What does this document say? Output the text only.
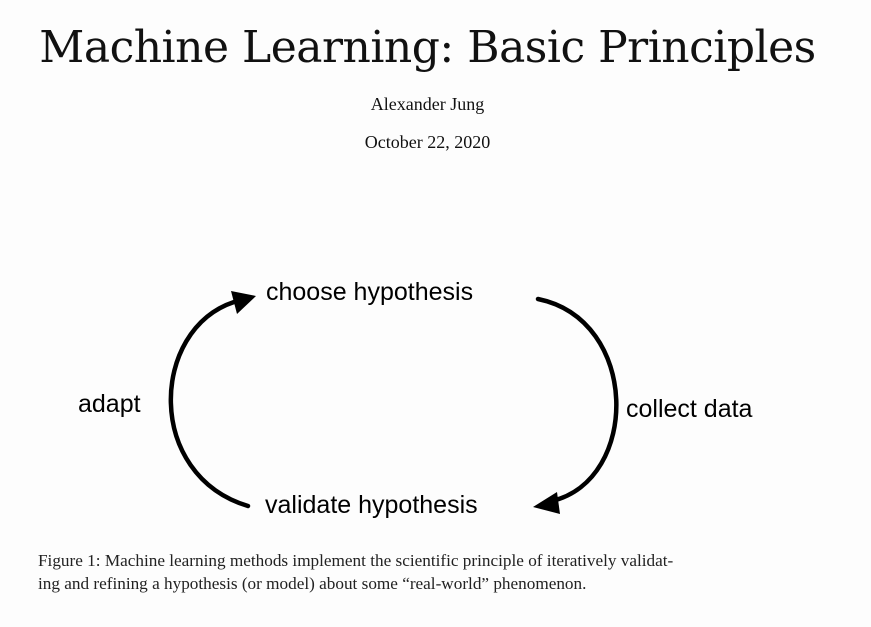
Machine Learning: Basic Principles
Alexander Jung
October 22, 2020
choose hypothesis
validate hypothesis
adapt	collect data
Figure 1: Machine learning methods implement the scientific principle of iteratively validat-
ing and refining a hypothesis (or model) about some “real-world” phenomenon.
